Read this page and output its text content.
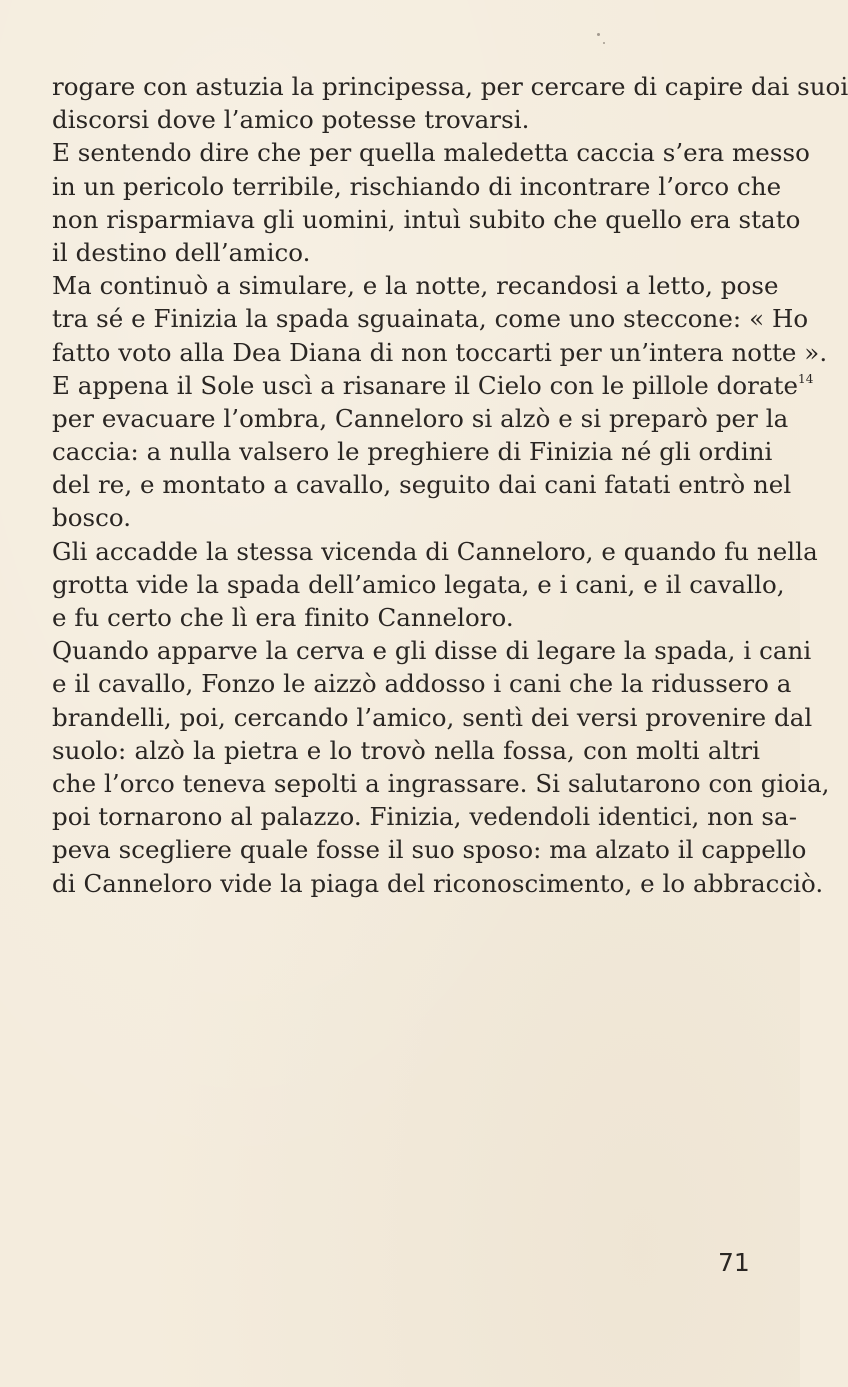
rogare con astuzia la principessa, per cercare di capire dai suoi
discorsi dove l’amico potesse trovarsi.
E sentendo dire che per quella maledetta caccia s’era messo
in un pericolo terribile, rischiando di incontrare l’orco che
non risparmiava gli uomini, intuì subito che quello era stato
il destino dell’amico.
Ma continuò a simulare, e la notte, recandosi a letto, pose
tra sé e Finizia la spada sguainata, come uno steccone: « Ho
fatto voto alla Dea Diana di non toccarti per un’intera notte ».
E appena il Sole uscì a risanare il Cielo con le pillole dorate$^{14}$
per evacuare l’ombra, Canneloro si alzò e si preparò per la
caccia: a nulla valsero le preghiere di Finizia né gli ordini
del re, e montato a cavallo, seguito dai cani fatati entrò nel
bosco.
Gli accadde la stessa vicenda di Canneloro, e quando fu nella
grotta vide la spada dell’amico legata, e i cani, e il cavallo,
e fu certo che lì era finito Canneloro.
Quando apparve la cerva e gli disse di legare la spada, i cani
e il cavallo, Fonzo le aizzò addosso i cani che la ridussero a
brandelli, poi, cercando l’amico, sentì dei versi provenire dal
suolo: alzò la pietra e lo trovò nella fossa, con molti altri
che l’orco teneva sepolti a ingrassare. Si salutarono con gioia,
poi tornarono al palazzo. Finizia, vedendoli identici, non sa-
peva scegliere quale fosse il suo sposo: ma alzato il cappello
di Canneloro vide la piaga del riconoscimento, e lo abbracciò.
71
